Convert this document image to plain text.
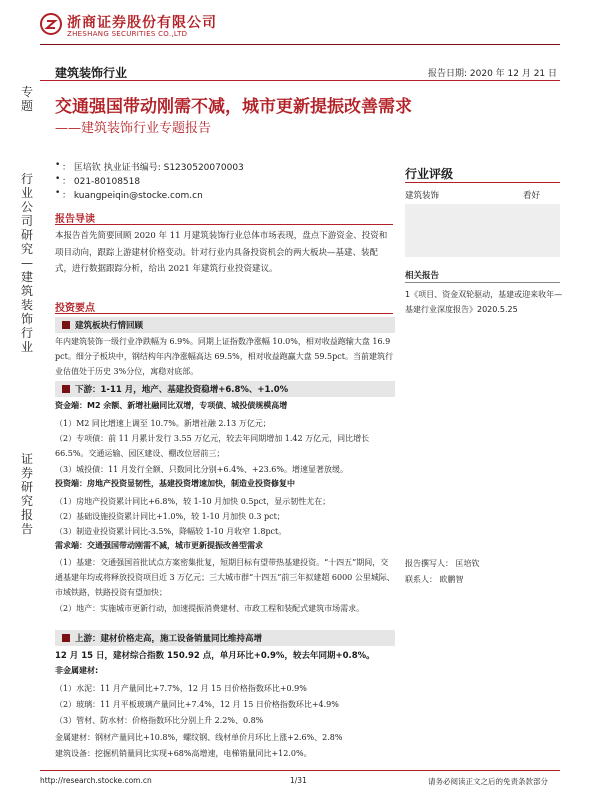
浙商证券股份有限公司
ZHESHANG SECURITIES CO.,LTD
建筑装饰行业	报告日期: 2020 年 12 月 21 日
专题
行业公司研究—建筑装饰行业
证券研究报告
交通强国带动刚需不减，城市更新提振改善需求
——建筑装饰行业专题报告
• ： 匡培钦 执业证书编号: S1230520070003
• ： 021-80108518
• ： kuangpeiqin@stocke.com.cn
行业评级
建筑装饰	看好
相关报告
1《项目、资金双轮驱动，基建或迎来收年—基建行业深度报告》2020.5.25
报告撰写人： 匡培钦
联系人： 欧鹏智
报告导读
本报告首先简要回顾 2020 年 11 月建筑装饰行业总体市场表现，盘点下游资金、投资和项目动向，跟踪上游建材价格变动。针对行业内具备投资机会的两大板块—基建、装配式，进行数据跟踪分析，给出 2021 年建筑行业投资建议。
投资要点
建筑板块行情回顾
年内建筑装饰一级行业净跌幅为 6.9%。同期上证指数净涨幅 10.0%，相对收益跑输大盘 16.9 pct。细分子板块中，钢结构年内净涨幅高达 69.5%，相对收益跑赢大盘 59.5pct。当前建筑行业估值处于历史 3%分位，寓稳对底部。
下游：1-11 月，地产、基建投资稳增+6.8%、+1.0%
资金端：M2 余额、新增社融同比双增，专项债、城投债规模高增
（1）M2 同比增速上调至 10.7%。新增社融 2.13 万亿元；
（2）专项债：前 11 月累计发行 3.55 万亿元，较去年同期增加 1.42 万亿元，同比增长 66.5%。交通运输、园区建设、棚改位居前三；
（3）城投债：11 月发行全额、只数同比分别+6.4%、+23.6%。增速显著放缓。
投资端：房地产投资显韧性，基建投资增速加快，制造业投资修复中
（1）房地产投资累计同比+6.8%，较 1-10 月加快 0.5pct，显示韧性尤在；
（2）基础设施投资累计同比+1.0%，较 1-10 月加快 0.3 pct；
（3）制造业投资累计同比-3.5%，降幅较 1-10 月收窄 1.8pct。
需求端：交通强国带动刚需不减，城市更新提振改善型需求
（1）基建：交通强国首批试点方案密集批复，短期目标有望带热基建投资。“十四五”期间，交通基建年均或将释放投资项目近 3 万亿元；三大城市群“十四五”前三年拟建超 6000 公里城际、市域铁路，铁路投资有望加快；
（2）地产：实施城市更新行动，加速提振消费建材、市政工程和装配式建筑市场需求。
上游：建材价格走高，施工设备销量同比维持高增
12 月 15 日，建材综合指数 150.92 点，单月环比+0.9%，较去年同期+0.8%。
非金属建材:
（1）水泥：11 月产量同比+7.7%，12 月 15 日价格指数环比+0.9%
（2）玻璃：11 月平板玻璃产量同比+7.4%，12 月 15 日价格指数环比+4.9%
（3）管材、防水材：价格指数环比分别上升 2.2%、0.8%
金属建材：钢材产量同比+10.8%，螺纹钢、线材单价月环比上涨+2.6%、2.8%
建筑设备：挖掘机销量同比实现+68%高增速，电梯销量同比+12.0%。
http://research.stocke.com.cn	1/31	请务必阅读正文之后的免责条款部分
